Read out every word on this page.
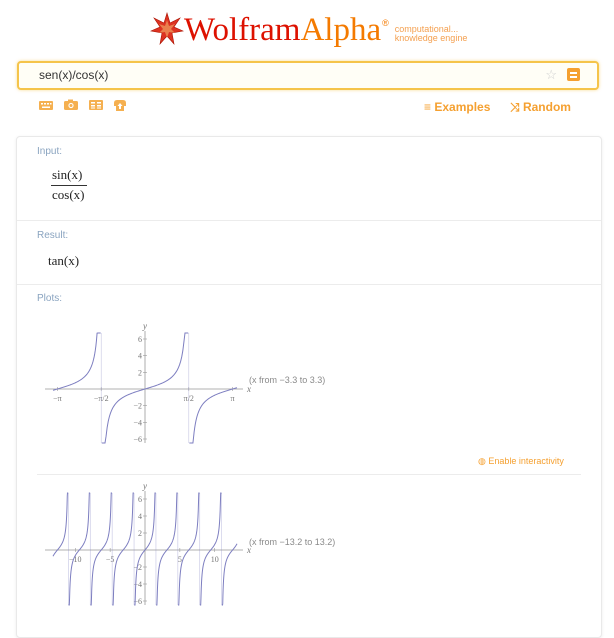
Wolfram Alpha ®
computational...
knowledge engine
sen(x)/cos(x)	☆
≡ Examples ⤨ Random
Input:
sin(x)
cos(x)
Result:
tan(x)
Plots:
x
y
6
4
2
−2
−4
−6
−π	−π/2	π/2	π
(x from −3.3 to 3.3)
◍ Enable interactivity
x
y
6
4
2
−2
−4
−6
−10	−5	5	10
(x from −13.2 to 13.2)
